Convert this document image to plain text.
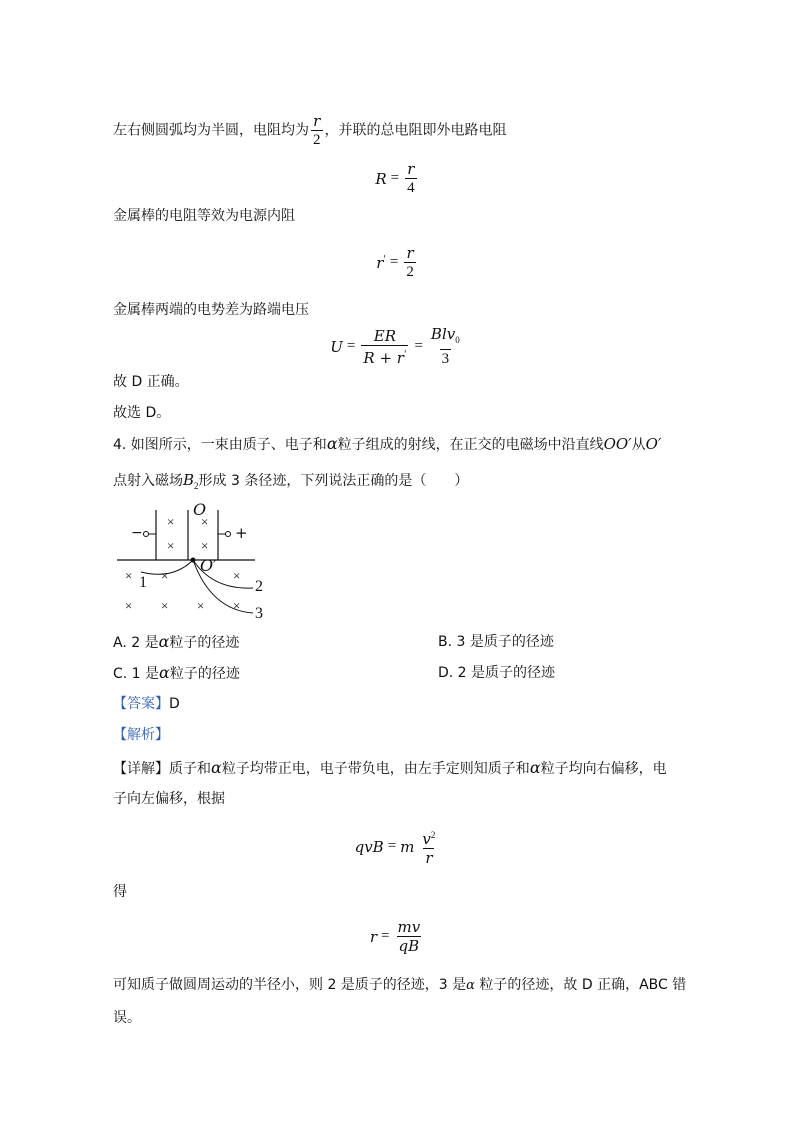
左右侧圆弧均为半圆，电阻均为 $\frac{r}{2}$ ，并联的总电阻即外电路电阻
$R = \frac{r}{4}$
金属棒的电阻等效为电源内阻
$r' = \frac{r}{2}$
金属棒两端的电势差为路端电压
$U = \frac{ER}{R + r'} = \frac{Blv_0}{3}$
故 D 正确。
故选 D。
4. 如图所示，一束由质子、电子和α粒子组成的射线，在正交的电磁场中沿直线OO′从O′
点射入磁场$B_2$形成 3 条径迹，下列说法正确的是（　　）
−	+
O
O′
× ×
× ×
× ×	×
× × × ×
1	2
3
A. 2 是α粒子的径迹	B. 3 是质子的径迹
C. 1 是α粒子的径迹	D. 2 是质子的径迹
【答案】D
【解析】
【详解】质子和α粒子均带正电，电子带负电，由左手定则知质子和α粒子均向右偏移，电
子向左偏移，根据
qvB = m $\frac{v^2}{r}$
得
$r = \frac{mv}{qB}$
可知质子做圆周运动的半径小，则 2 是质子的径迹，3 是α 粒子的径迹，故 D 正确，ABC 错
误。
